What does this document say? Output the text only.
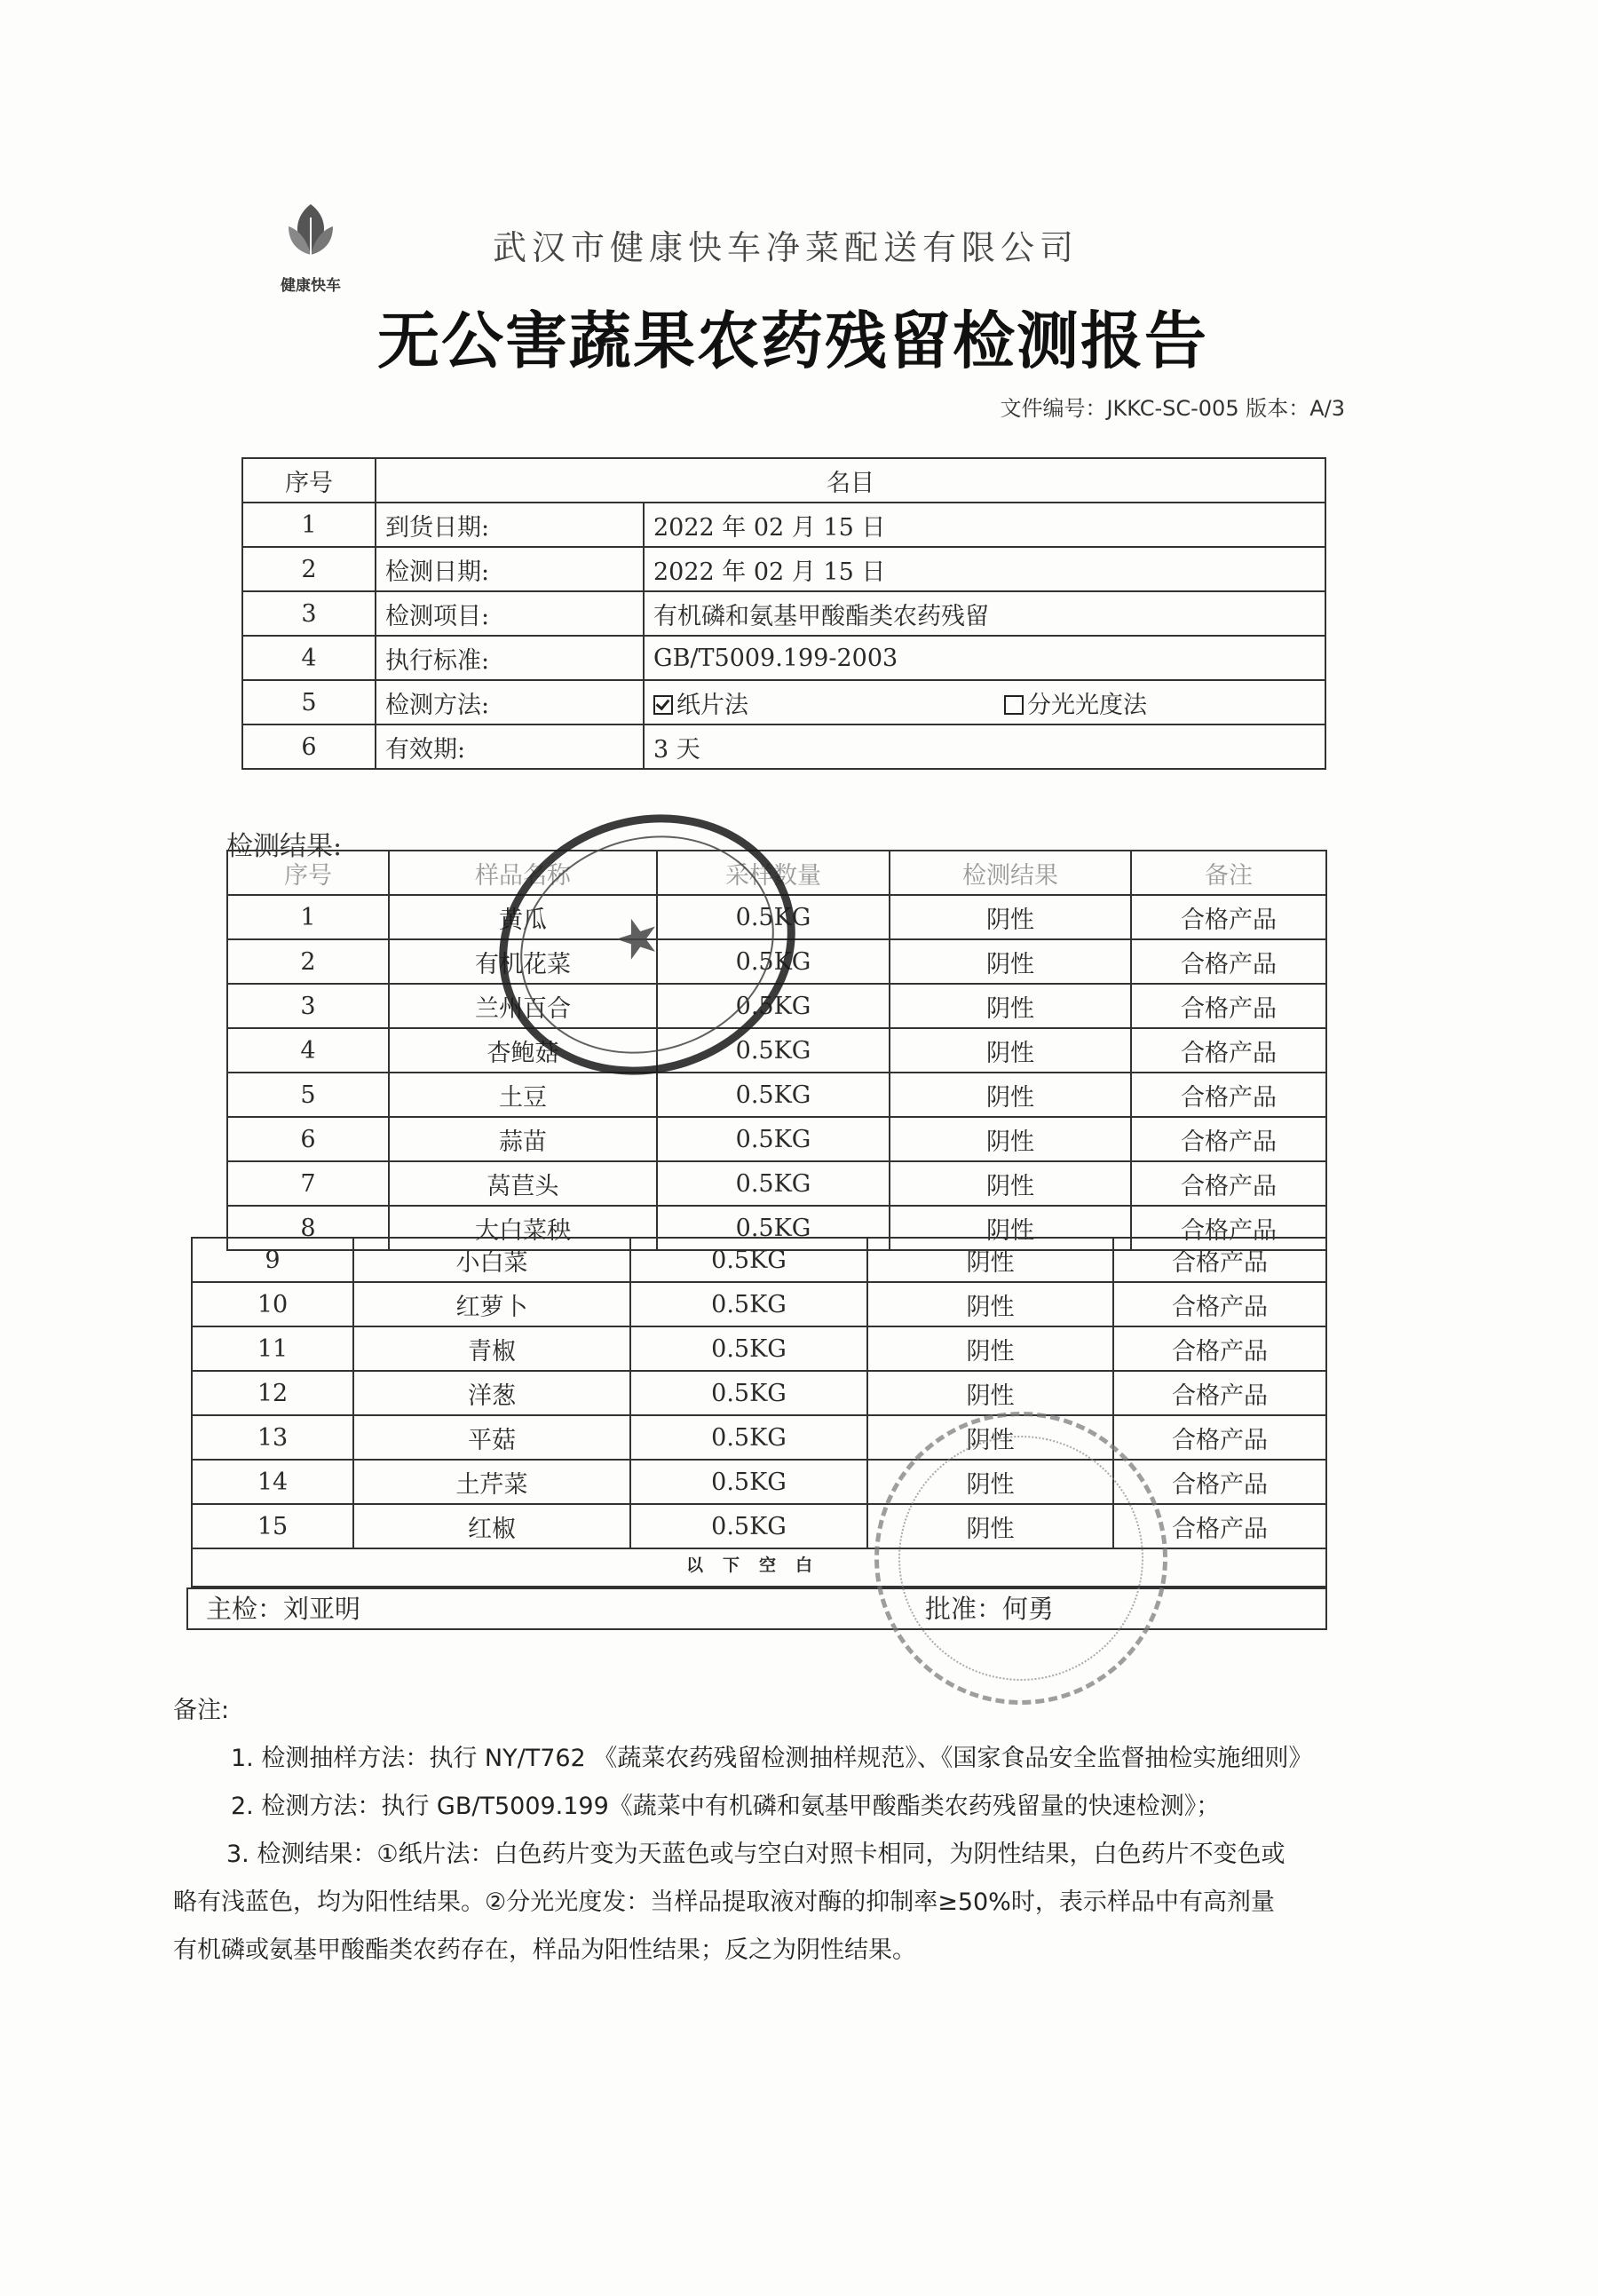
健康快车
武汉市健康快车净菜配送有限公司
无公害蔬果农药残留检测报告
文件编号：JKKC-SC-005 版本：A/3
序号	名目	
1	到货日期:	2022 年 02 月 15 日
2	检测日期:	2022 年 02 月 15 日
3	检测项目:	有机磷和氨基甲酸酯类农药残留
4	执行标准:	GB/T5009.199-2003
5	检测方法:	纸片法 分光光度法

6	有效期:	3 天
检测结果:
序号	样品名称	采样数量	检测结果	备注
1	黄瓜	0.5KG	阴性	合格产品
2	有机花菜	0.5KG	阴性	合格产品
3	兰州百合	0.5KG	阴性	合格产品
4	杏鲍菇	0.5KG	阴性	合格产品
5	土豆	0.5KG	阴性	合格产品
6	蒜苗	0.5KG	阴性	合格产品
7	莴苣头	0.5KG	阴性	合格产品
8	大白菜秧	0.5KG	阴性	合格产品
9	小白菜	0.5KG	阴性	合格产品
10	红萝卜	0.5KG	阴性	合格产品
11	青椒	0.5KG	阴性	合格产品
12	洋葱	0.5KG	阴性	合格产品
13	平菇	0.5KG	阴性	合格产品
14	土芹菜	0.5KG	阴性	合格产品
15	红椒	0.5KG	阴性	合格产品
以下空白
主检：刘亚明	批准：何勇
★
备注:
1. 检测抽样方法：执行 NY/T762 《蔬菜农药残留检测抽样规范》、《国家食品安全监督抽检实施细则》
2. 检测方法：执行 GB/T5009.199《蔬菜中有机磷和氨基甲酸酯类农药残留量的快速检测》；
3. 检测结果：①纸片法：白色药片变为天蓝色或与空白对照卡相同，为阴性结果，白色药片不变色或
略有浅蓝色，均为阳性结果。②分光光度发：当样品提取液对酶的抑制率≥50%时，表示样品中有高剂量
有机磷或氨基甲酸酯类农药存在，样品为阳性结果；反之为阴性结果。
